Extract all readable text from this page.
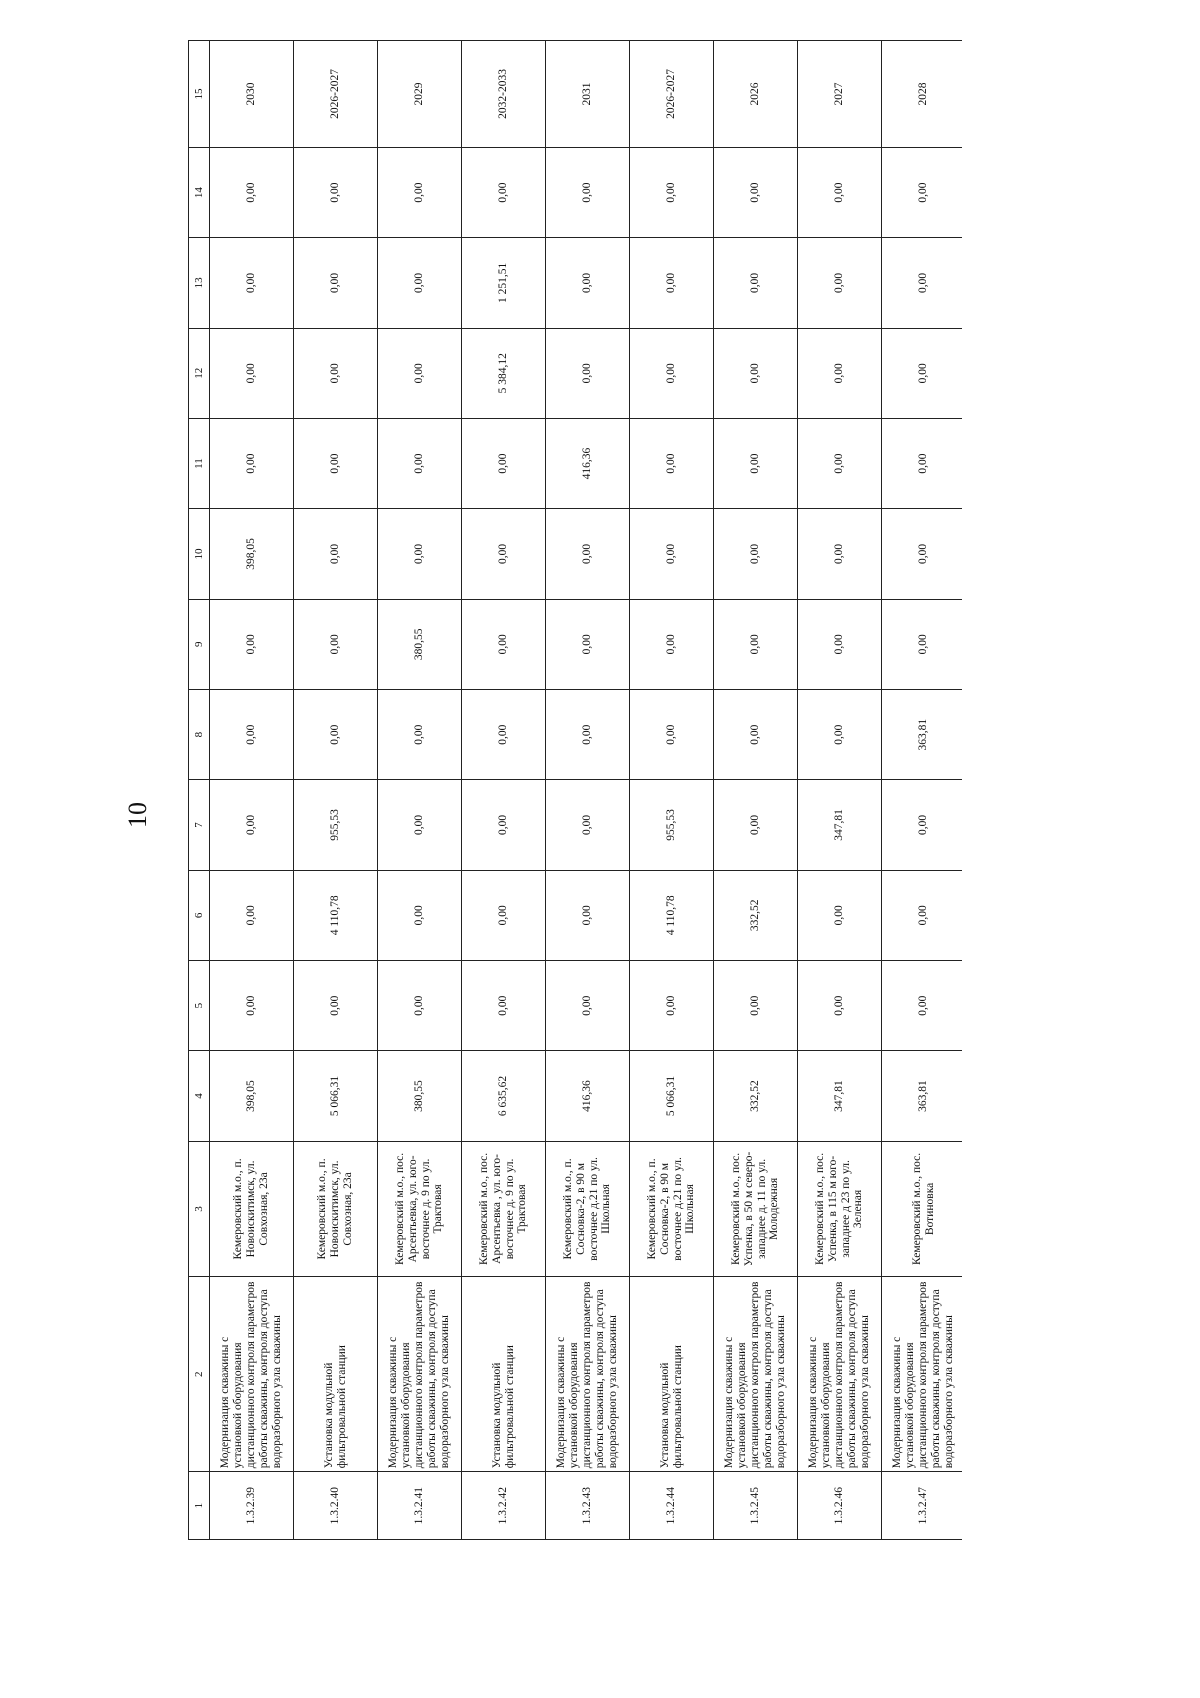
10
1	2	3	4	5	6	7	8	9	10	11	12	13	14	15
1.3.2.39	Модернизация скважины с установкой оборудования дистанционного контроля параметров работы скважины, контроля доступа водоразборного узла скважины	Кемеровский м.о., п. Новоискитимск, ул. Совхозная, 23а	398,05	0,00	0,00	0,00	0,00	0,00	398,05	0,00	0,00	0,00	0,00	2030
1.3.2.40	Установка модульной фильтровальной станции	Кемеровский м.о., п. Новоискитимск, ул. Совхозная, 23а	5 066,31	0,00	4 110,78	955,53	0,00	0,00	0,00	0,00	0,00	0,00	0,00	2026-2027
1.3.2.41	Модернизация скважины с установкой оборудования дистанционного контроля параметров работы скважины, контроля доступа водоразборного узла скважины	Кемеровский м.о., пос. Арсентьевка, ул. юго-восточнее д. 9 по ул. Трактовая	380,55	0,00	0,00	0,00	0,00	380,55	0,00	0,00	0,00	0,00	0,00	2029
1.3.2.42	Установка модульной фильтровальной станции	Кемеровский м.о., пос. Арсентьевка , ул. юго-восточнее д. 9 по ул. Трактовая	6 635,62	0,00	0,00	0,00	0,00	0,00	0,00	0,00	5 384,12	1 251,51	0,00	2032-2033
1.3.2.43	Модернизация скважины с установкой оборудования дистанционного контроля параметров работы скважины, контроля доступа водоразборного узла скважины	Кемеровский м.о., п. Сосновка-2, в 90 м восточнее д.21 по ул. Школьная	416,36	0,00	0,00	0,00	0,00	0,00	0,00	416,36	0,00	0,00	0,00	2031
1.3.2.44	Установка модульной фильтровальной станции	Кемеровский м.о., п. Сосновка-2, в 90 м восточнее д.21 по ул. Школьная	5 066,31	0,00	4 110,78	955,53	0,00	0,00	0,00	0,00	0,00	0,00	0,00	2026-2027
1.3.2.45	Модернизация скважины с установкой оборудования дистанционного контроля параметров работы скважины, контроля доступа водоразборного узла скважины	Кемеровский м.о., пос. Успенка, в 50 м северо-западнее д. 11 по ул. Молодежная	332,52	0,00	332,52	0,00	0,00	0,00	0,00	0,00	0,00	0,00	0,00	2026
1.3.2.46	Модернизация скважины с установкой оборудования дистанционного контроля параметров работы скважины, контроля доступа водоразборного узла скважины	Кемеровский м.о., пос. Успенка, в 115 м юго-западнее д 23 по ул. Зеленая	347,81	0,00	0,00	347,81	0,00	0,00	0,00	0,00	0,00	0,00	0,00	2027
1.3.2.47	Модернизация скважины с установкой оборудования дистанционного контроля параметров работы скважины, контроля доступа водоразборного узла скважины	Кемеровский м.о., пос. Вотиновка	363,81	0,00	0,00	0,00	363,81	0,00	0,00	0,00	0,00	0,00	0,00	2028
